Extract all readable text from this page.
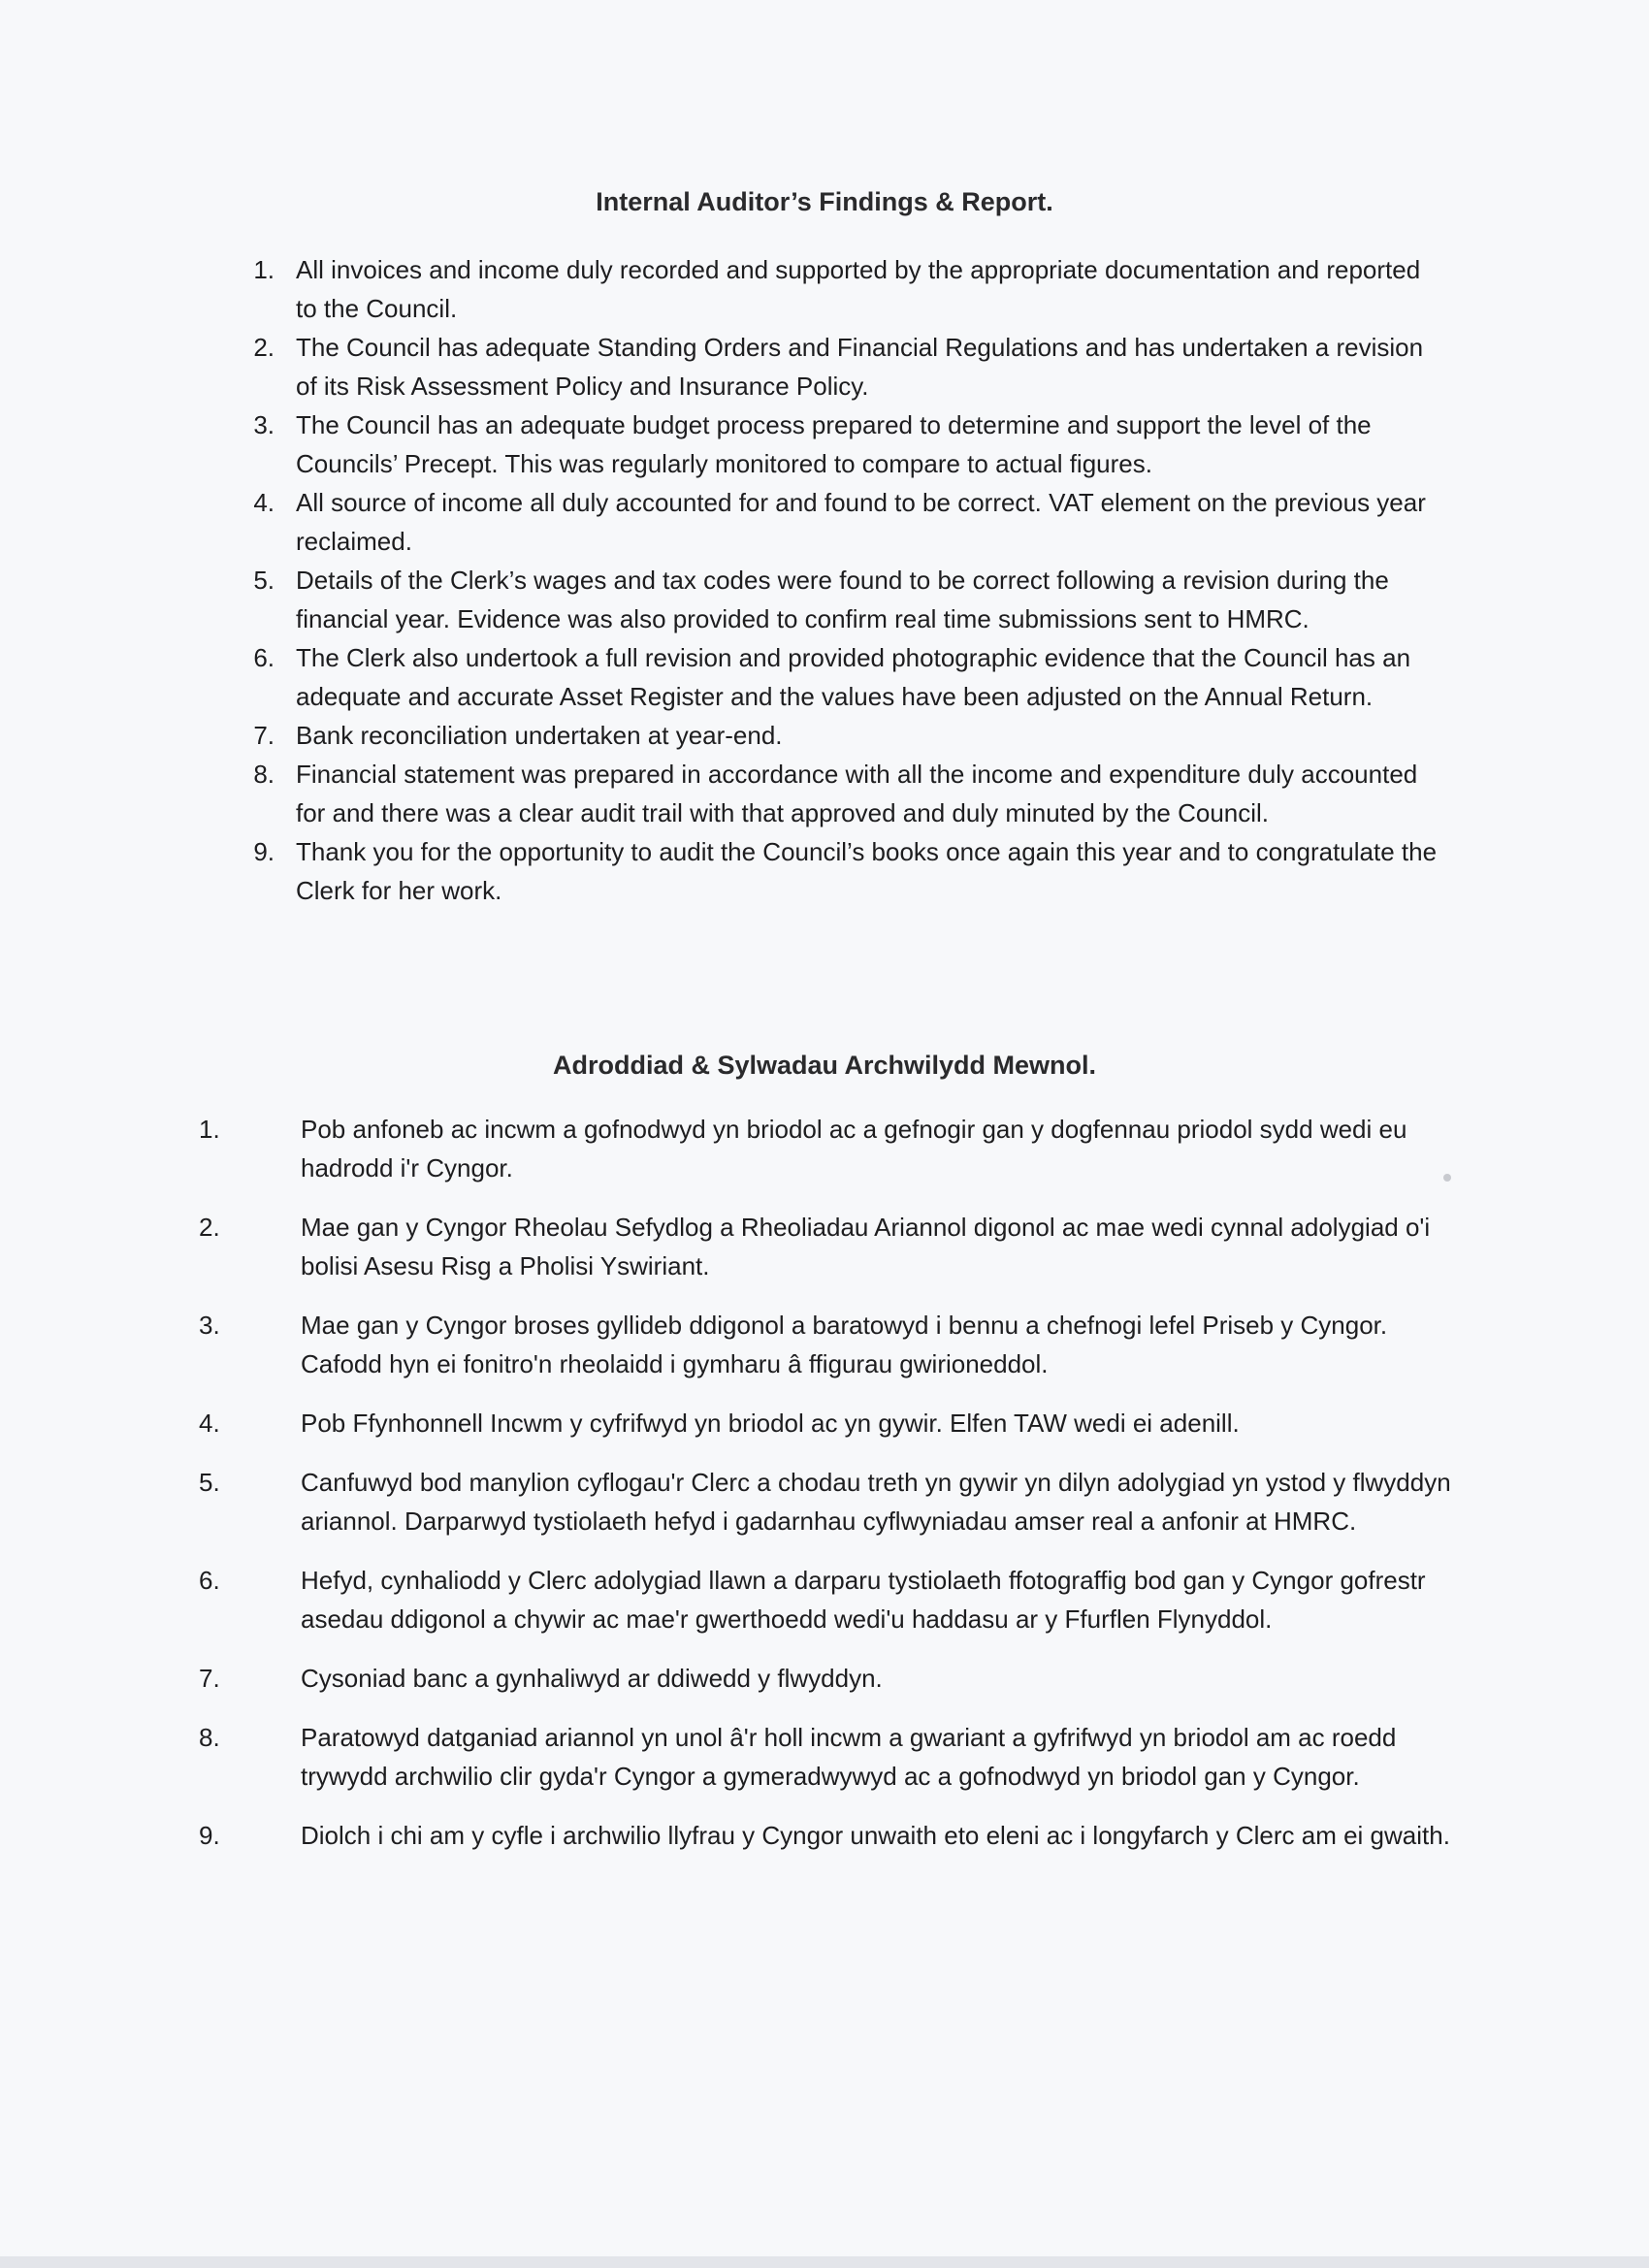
Internal Auditor’s Findings & Report.
1. All invoices and income duly recorded and supported by the appropriate documentation and reported to the Council.
2. The Council has adequate Standing Orders and Financial Regulations and has undertaken a revision of its Risk Assessment Policy and Insurance Policy.
3. The Council has an adequate budget process prepared to determine and support the level of the Councils’ Precept. This was regularly monitored to compare to actual figures.
4. All source of income all duly accounted for and found to be correct. VAT element on the previous year reclaimed.
5. Details of the Clerk’s wages and tax codes were found to be correct following a revision during the financial year. Evidence was also provided to confirm real time submissions sent to HMRC.
6. The Clerk also undertook a full revision and provided photographic evidence that the Council has an adequate and accurate Asset Register and the values have been adjusted on the Annual Return.
7. Bank reconciliation undertaken at year-end.
8. Financial statement was prepared in accordance with all the income and expenditure duly accounted for and there was a clear audit trail with that approved and duly minuted by the Council.
9. Thank you for the opportunity to audit the Council’s books once again this year and to congratulate the Clerk for her work.
Adroddiad & Sylwadau Archwilydd Mewnol.
1.	Pob anfoneb ac incwm a gofnodwyd yn briodol ac a gefnogir gan y dogfennau priodol sydd wedi eu hadrodd i'r Cyngor.
2.	Mae gan y Cyngor Rheolau Sefydlog a Rheoliadau Ariannol digonol ac mae wedi cynnal adolygiad o'i bolisi Asesu Risg a Pholisi Yswiriant.
3.	Mae gan y Cyngor broses gyllideb ddigonol a baratowyd i bennu a chefnogi lefel Priseb y Cyngor. Cafodd hyn ei fonitro'n rheolaidd i gymharu â ffigurau gwirioneddol.
4.	Pob Ffynhonnell Incwm y cyfrifwyd yn briodol ac yn gywir. Elfen TAW wedi ei adenill.
5.	Canfuwyd bod manylion cyflogau'r Clerc a chodau treth yn gywir yn dilyn adolygiad yn ystod y flwyddyn ariannol. Darparwyd tystiolaeth hefyd i gadarnhau cyflwyniadau amser real a anfonir at HMRC.
6.	Hefyd, cynhaliodd y Clerc adolygiad llawn a darparu tystiolaeth ffotograffig bod gan y Cyngor gofrestr asedau ddigonol a chywir ac mae'r gwerthoedd wedi'u haddasu ar y Ffurflen Flynyddol.
7.	Cysoniad banc a gynhaliwyd ar ddiwedd y flwyddyn.
8.	Paratowyd datganiad ariannol yn unol â'r holl incwm a gwariant a gyfrifwyd yn briodol am ac roedd trywydd archwilio clir gyda'r Cyngor a gymeradwywyd ac a gofnodwyd yn briodol gan y Cyngor.
9.	Diolch i chi am y cyfle i archwilio llyfrau y Cyngor unwaith eto eleni ac i longyfarch y Clerc am ei gwaith.
